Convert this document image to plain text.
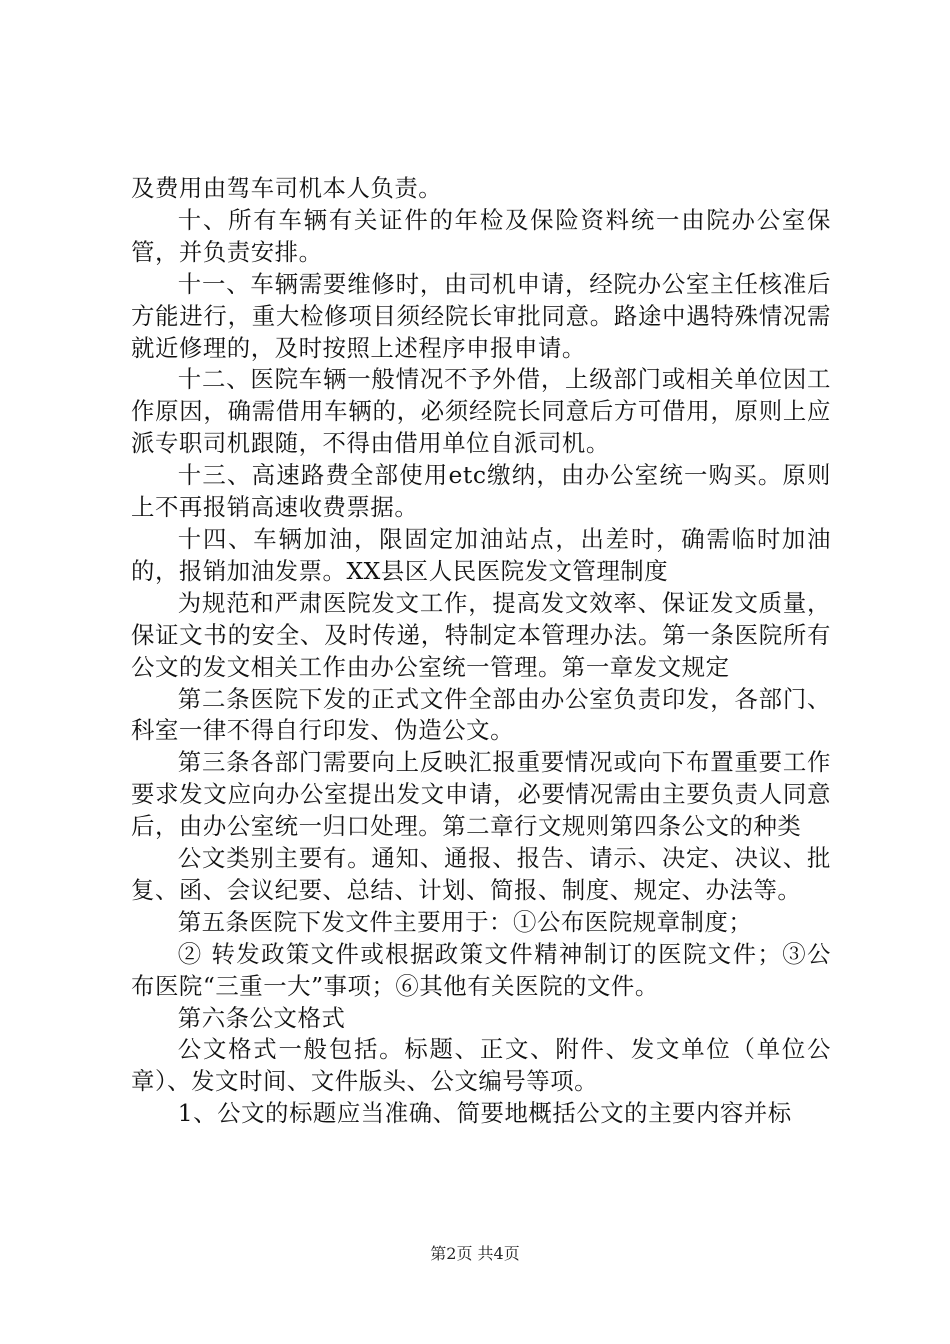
及费用由驾车司机本人负责。

十、所有车辆有关证件的年检及保险资料统一由院办公室保管，并负责安排。

十一、车辆需要维修时，由司机申请，经院办公室主任核准后方能进行，重大检修项目须经院长审批同意。路途中遇特殊情况需就近修理的，及时按照上述程序申报申请。

十二、医院车辆一般情况不予外借，上级部门或相关单位因工作原因，确需借用车辆的，必须经院长同意后方可借用，原则上应派专职司机跟随，不得由借用单位自派司机。

十三、高速路费全部使用etc缴纳，由办公室统一购买。原则上不再报销高速收费票据。

十四、车辆加油，限固定加油站点，出差时，确需临时加油的，报销加油发票。XX县区人民医院发文管理制度

为规范和严肃医院发文工作，提高发文效率、保证发文质量，保证文书的安全、及时传递，特制定本管理办法。第一条医院所有公文的发文相关工作由办公室统一管理。第一章发文规定

第二条医院下发的正式文件全部由办公室负责印发，各部门、科室一律不得自行印发、伪造公文。

第三条各部门需要向上反映汇报重要情况或向下布置重要工作要求发文应向办公室提出发文申请，必要情况需由主要负责人同意后，由办公室统一归口处理。第二章行文规则第四条公文的种类

公文类别主要有。通知、通报、报告、请示、决定、决议、批复、函、会议纪要、总结、计划、简报、制度、规定、办法等。

第五条医院下发文件主要用于：①公布医院规章制度；

② 转发政策文件或根据政策文件精神制订的医院文件；③公布医院“三重一大”事项；⑥其他有关医院的文件。

第六条公文格式

公文格式一般包括。标题、正文、附件、发文单位（单位公章）、发文时间、文件版头、公文编号等项。

1、公文的标题应当准确、简要地概括公文的主要内容并标

第2页 共4页
